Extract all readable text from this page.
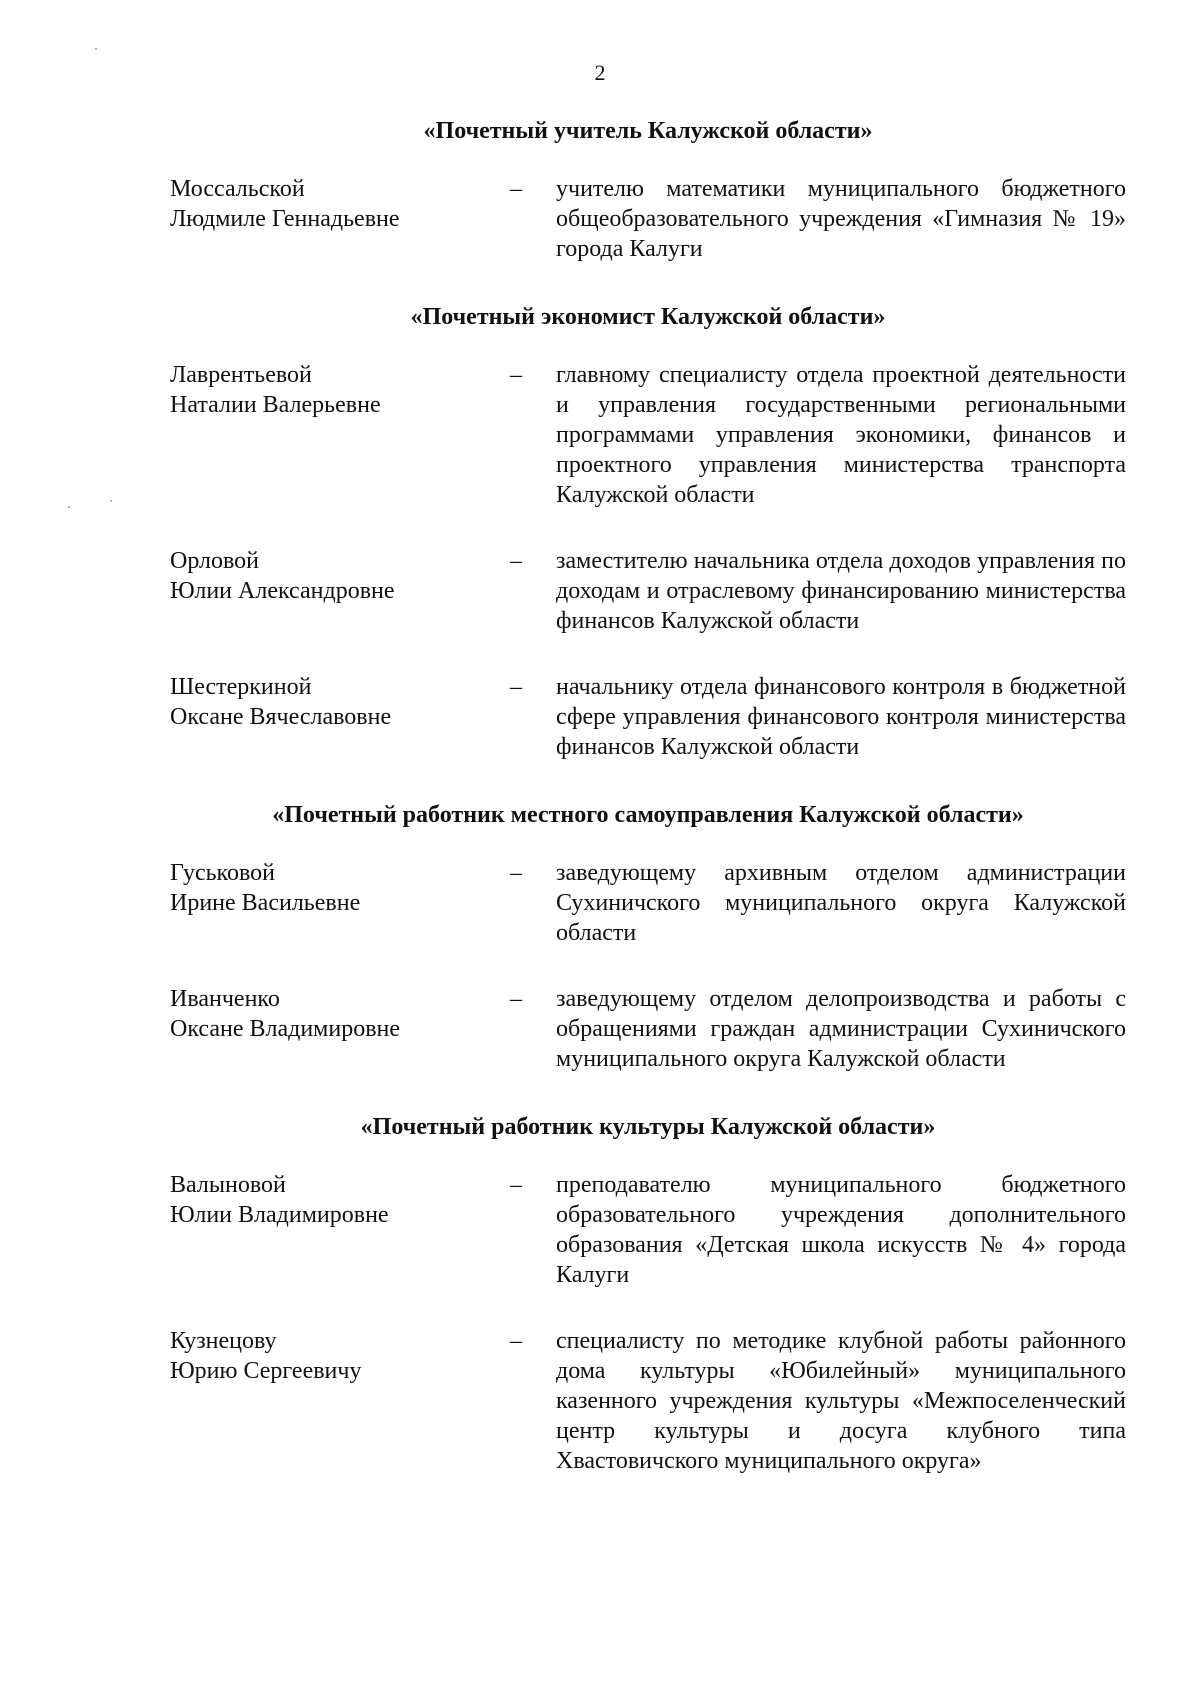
2
«Почетный учитель Калужской области»
Моссальской
Людмиле Геннадьевне
–	учителю математики муниципального бюджетного общеобразовательного учреждения «Гимназия № 19» города Калуги
«Почетный экономист Калужской области»
Лаврентьевой
Наталии Валерьевне
–	главному специалисту отдела проектной деятельности и управления государственными региональными программами управления экономики, финансов и проектного управления министерства транспорта Калужской области
Орловой
Юлии Александровне
–	заместителю начальника отдела доходов управления по доходам и отраслевому финансированию министерства финансов Калужской области
Шестеркиной
Оксане Вячеславовне
–	начальнику отдела финансового контроля в бюджетной сфере управления финансового контроля министерства финансов Калужской области
«Почетный работник местного самоуправления Калужской области»
Гуськовой
Ирине Васильевне
–	заведующему архивным отделом администрации Сухиничского муниципального округа Калужской области
Иванченко
Оксане Владимировне
–	заведующему отделом делопроизводства и работы с обращениями граждан администрации Сухиничского муниципального округа Калужской области
«Почетный работник культуры Калужской области»
Валыновой
Юлии Владимировне
–	преподавателю муниципального бюджетного образовательного учреждения дополнительного образования «Детская школа искусств № 4» города Калуги
Кузнецову
Юрию Сергеевичу
–	специалисту по методике клубной работы районного дома культуры «Юбилейный» муниципального казенного учреждения культуры «Межпоселенческий центр культуры и досуга клубного типа Хвастовичского муниципального округа»
